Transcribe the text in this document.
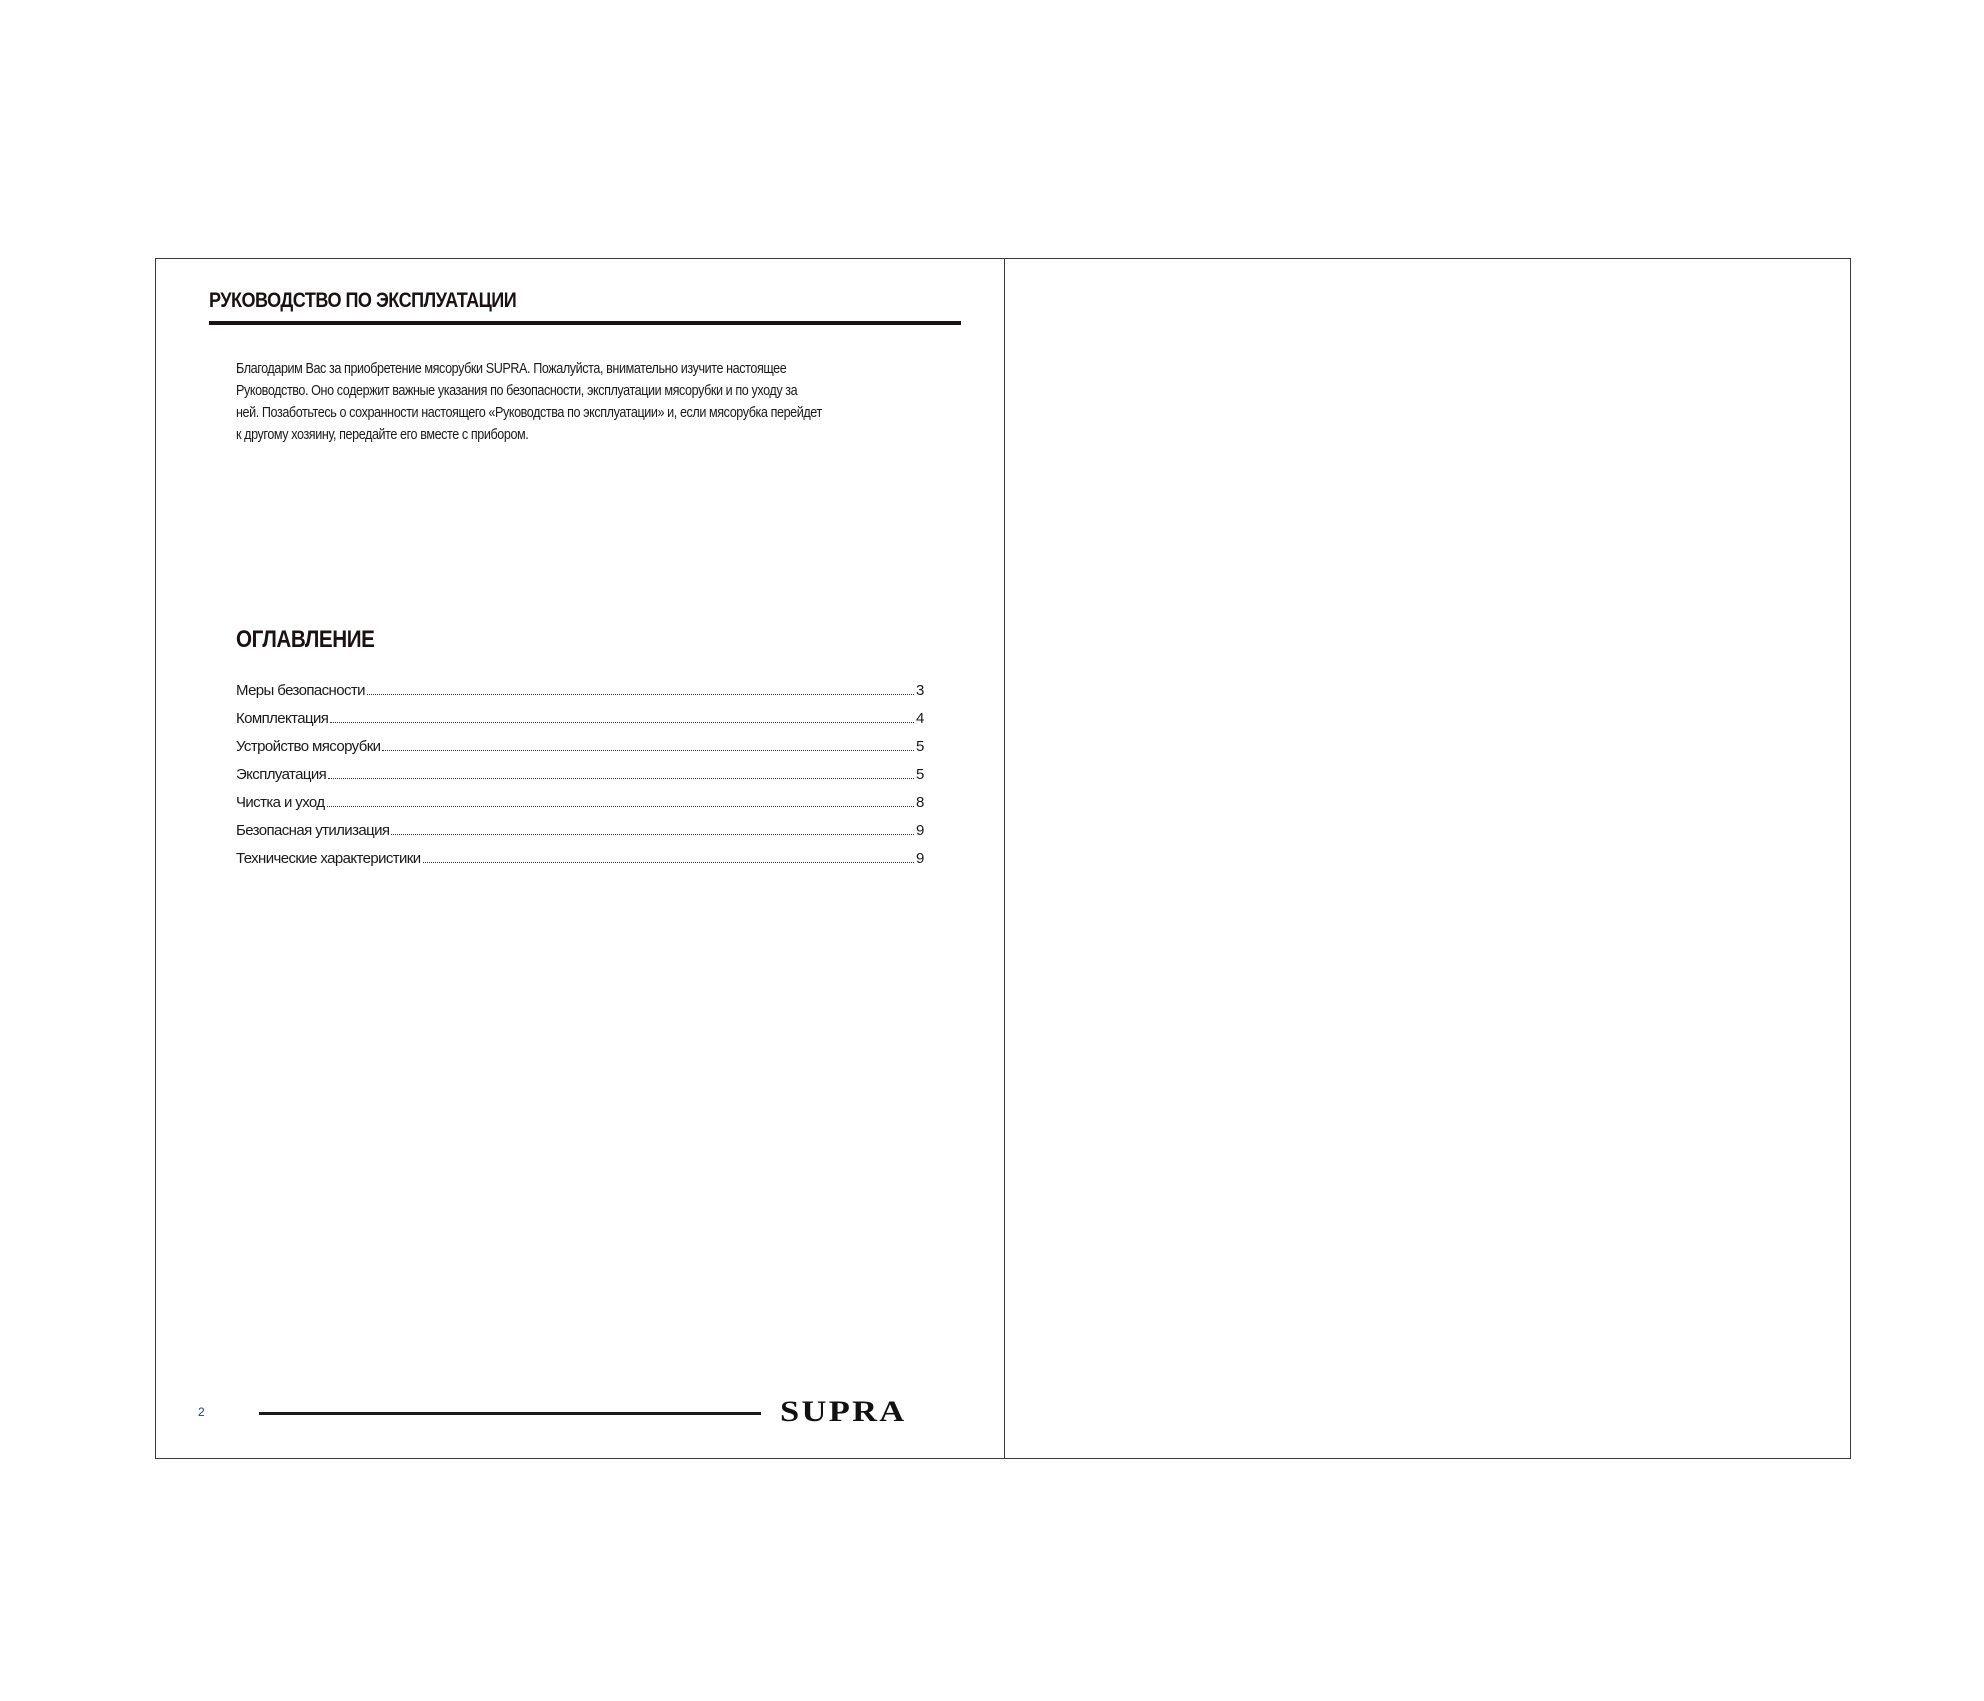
РУКОВОДСТВО ПО ЭКСПЛУАТАЦИИ

Благодарим Вас за приобретение мясорубки SUPRA. Пожалуйста, внимательно изучите настоящее
Руководство. Оно содержит важные указания по безопасности, эксплуатации мясорубки и по уходу за
ней. Позаботьтесь о сохранности настоящего «Руководства по эксплуатации» и, если мясорубка перейдет
к другому хозяину, передайте его вместе с прибором.

ОГЛАВЛЕНИЕ
Меры безопасности	3
Комплектация	4
Устройство мясорубки	5
Эксплуатация	5
Чистка и уход	8
Безопасная утилизация	9
Технические характеристики	9
2	SUPRA
